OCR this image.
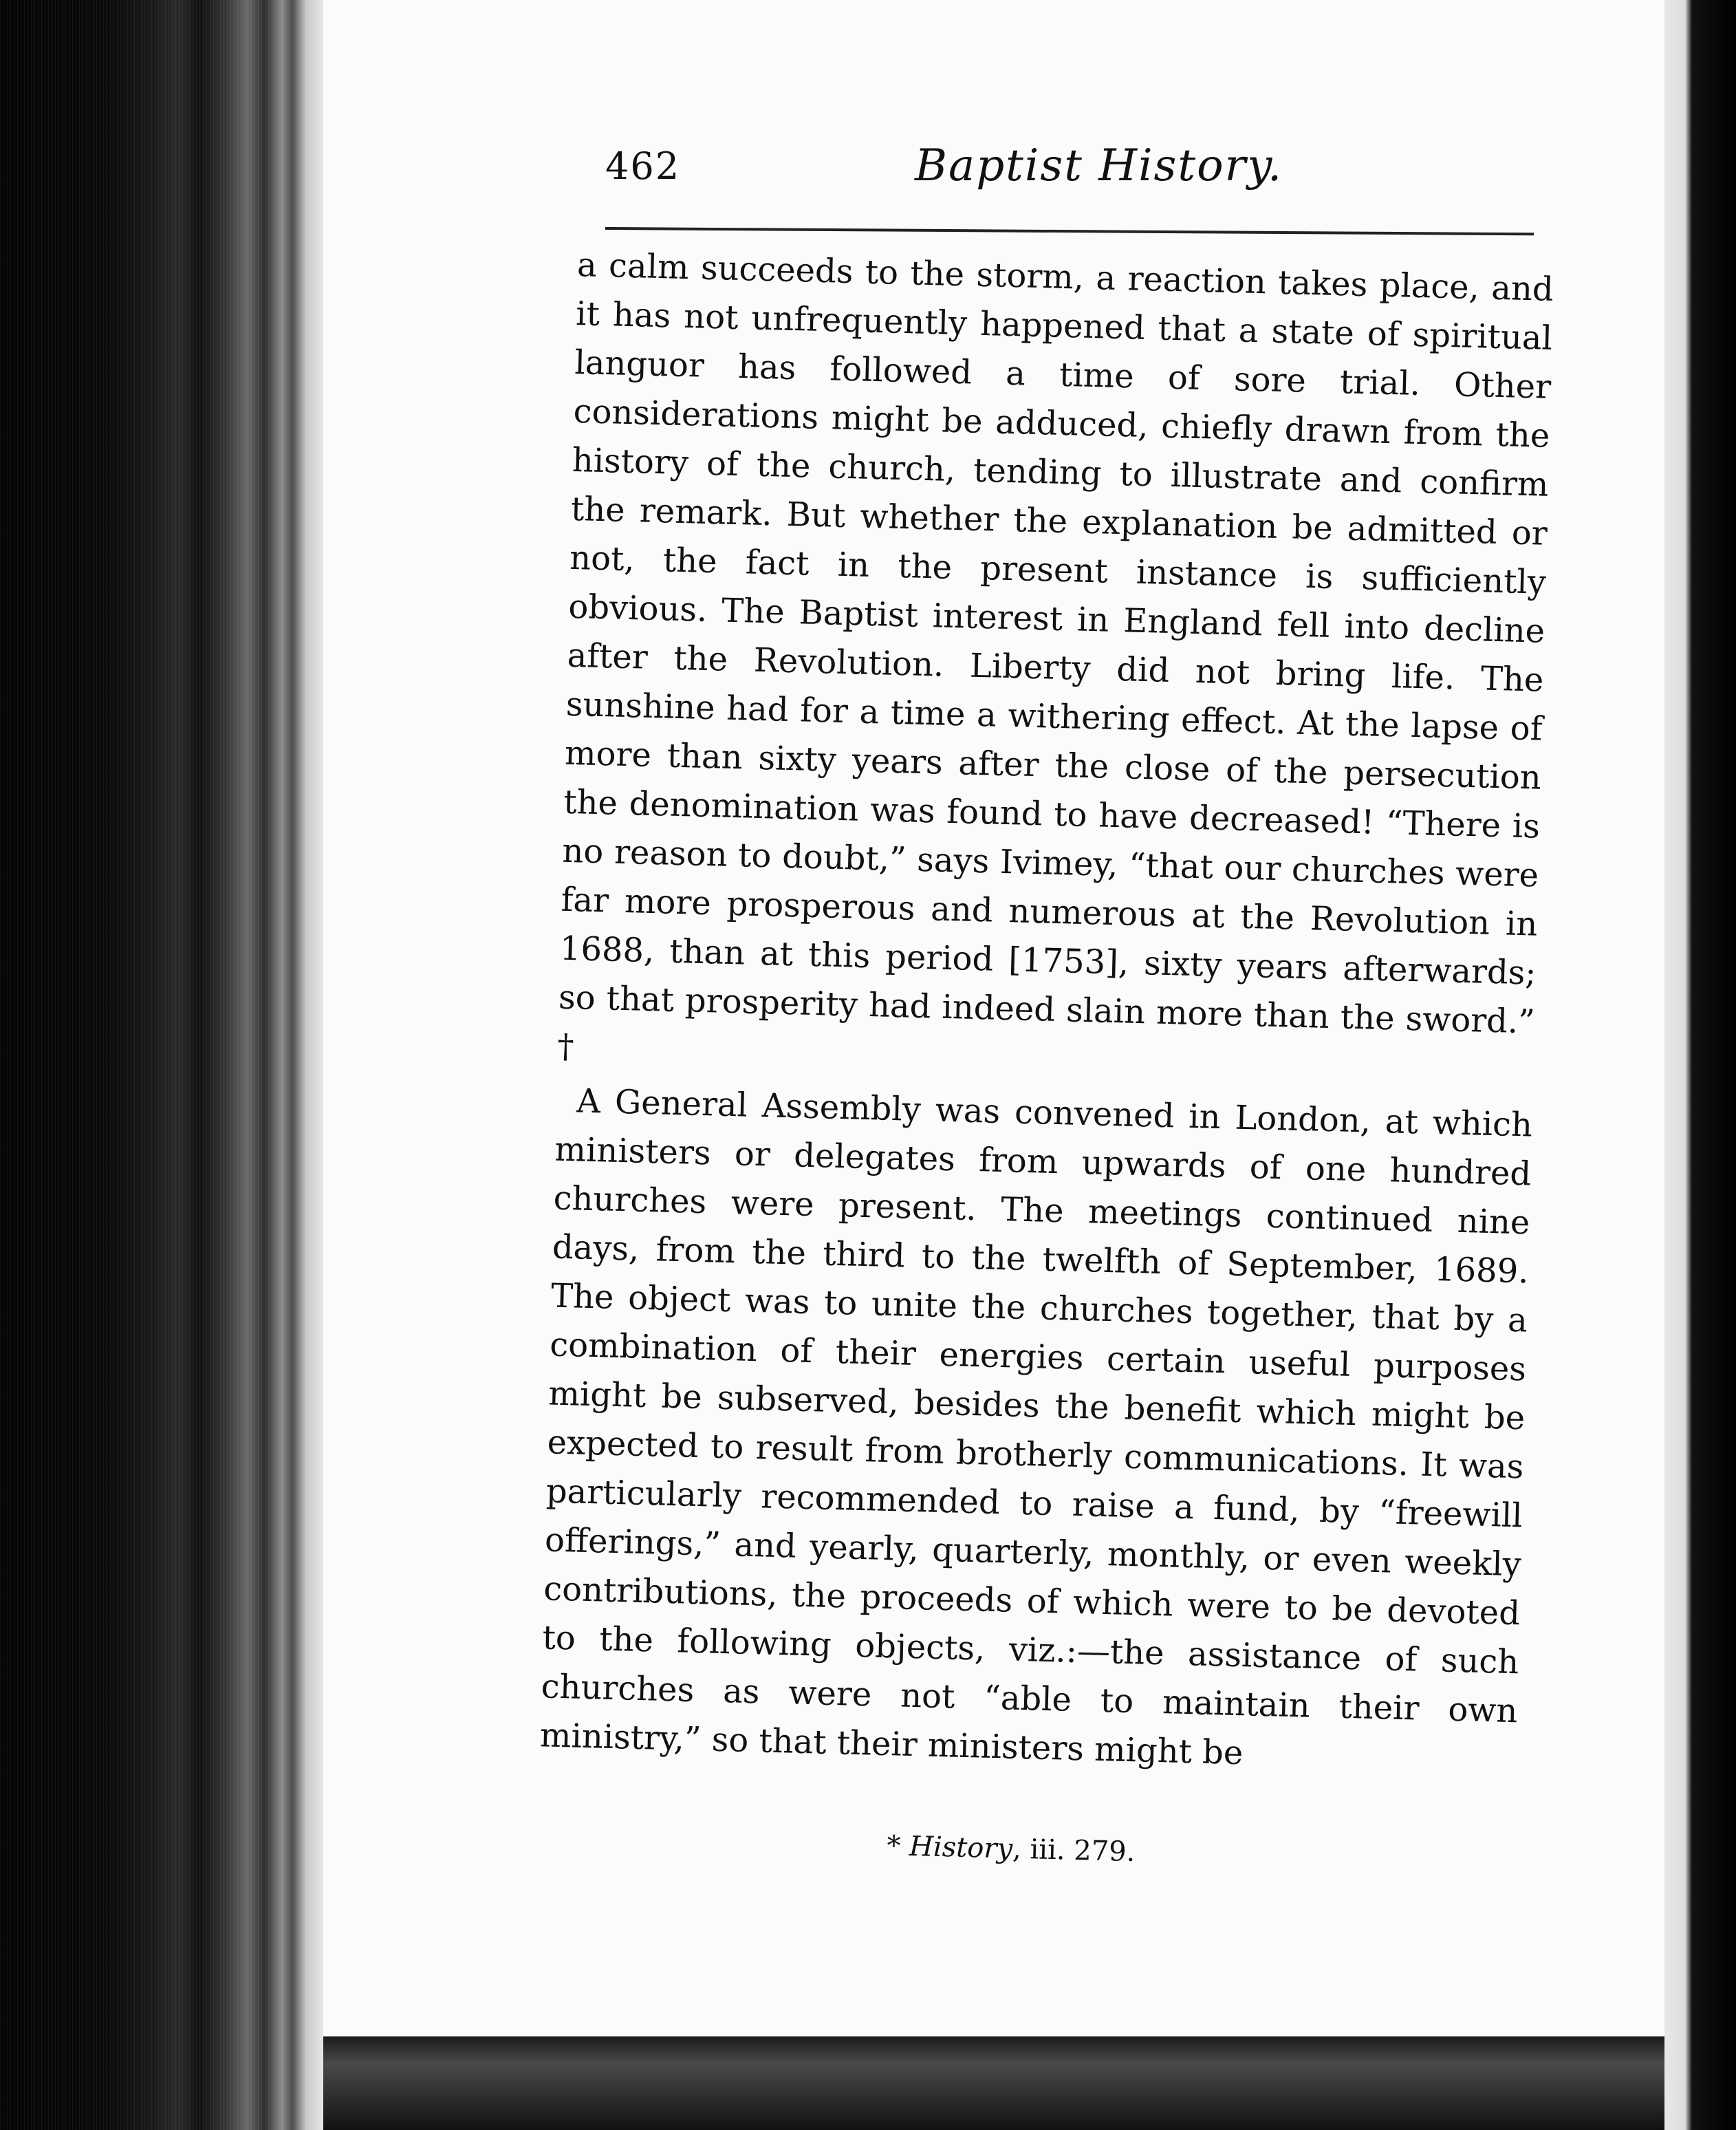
462	Baptist History.

a calm succeeds to the storm, a reaction takes place, and it has not unfrequently happened that a state of spiritual languor has followed a time of sore trial. Other considerations might be adduced, chiefly drawn from the history of the church, tending to illustrate and confirm the remark. But whether the explanation be admitted or not, the fact in the present instance is sufficiently obvious. The Baptist interest in England fell into decline after the Revolution. Liberty did not bring life. The sunshine had for a time a withering effect. At the lapse of more than sixty years after the close of the persecution the denomination was found to have decreased! “There is no reason to doubt,” says Ivimey, “that our churches were far more prosperous and numerous at the Revolution in 1688, than at this period [1753], sixty years afterwards; so that prosperity had indeed slain more than the sword.” †

A General Assembly was convened in London, at which ministers or delegates from upwards of one hundred churches were present. The meetings continued nine days, from the third to the twelfth of September, 1689. The object was to unite the churches together, that by a combination of their energies certain useful purposes might be subserved, besides the benefit which might be expected to result from brotherly communications. It was particularly recommended to raise a fund, by “freewill offerings,” and yearly, quarterly, monthly, or even weekly contributions, the proceeds of which were to be devoted to the following objects, viz.:—the assistance of such churches as were not “able to maintain their own ministry,” so that their ministers might be

* History, iii. 279.
